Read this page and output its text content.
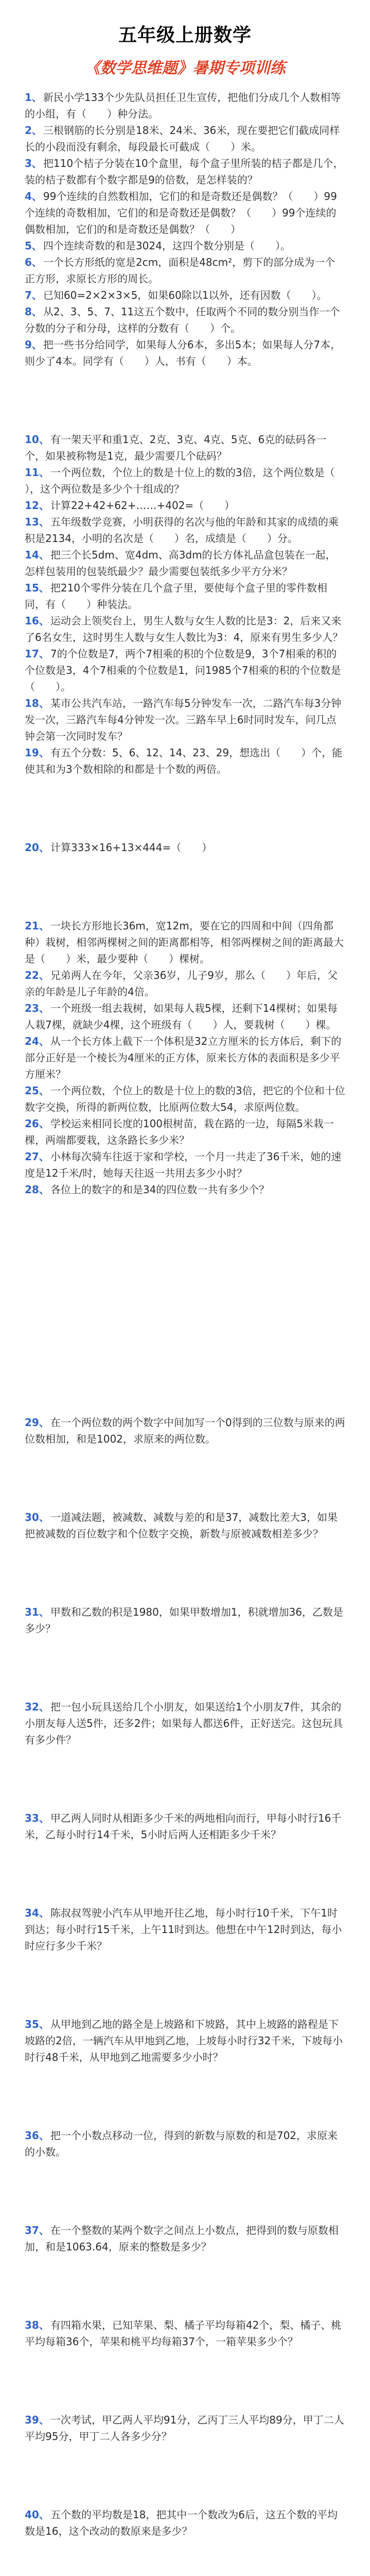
五年级上册数学
《数学思维题》暑期专项训练
1、 新民小学133个少先队员担任卫生宣传，把他们分成几个人数相等的小组，有（　　）种分法。
2、 三根钢筋的长分别是18米、24米、36米，现在要把它们截成同样长的小段而没有剩余，每段最长可截成（　　）米。
3、 把110个桔子分装在10个盒里，每个盒子里所装的桔子都是几个，装的桔子数都有个数字都是9的倍数，是怎样装的？
4、 99个连续的自然数相加，它们的和是奇数还是偶数？（　　）99个连续的奇数相加，它们的和是奇数还是偶数？（　　）99个连续的偶数相加，它们的和是奇数还是偶数？（　　）
5、 四个连续奇数的和是3024，这四个数分别是（　　）。
6、 一个长方形纸的宽是2cm，面积是48cm²，剪下的部分成为一个正方形，求原长方形的周长。
7、 已知60=2×2×3×5，如果60除以1以外，还有因数（　　）。
8、 从2、3、5、7、11这五个数中，任取两个不同的数分别当作一个分数的分子和分母，这样的分数有（　　）个。
9、 把一些书分给同学，如果每人分6本，多出5本；如果每人分7本，则少了4本。同学有（　　）人，书有（　　）本。
10、 有一架天平和重1克、2克、3克、4克、5克、6克的砝码各一个，如果被称物是1克，最少需要几个砝码？
11、 一个两位数，个位上的数是十位上的数的3倍，这个两位数是（　　），这个两位数是多少个十组成的？
12、 计算22+42+62+……+402=（　　）
13、 五年级数学竞赛，小明获得的名次与他的年龄和其家的成绩的乘积是2134，小明的名次是（　　）名，成绩是（　　）分。
14、 把三个长5dm、宽4dm、高3dm的长方体礼品盒包装在一起，怎样包装用的包装纸最少？最少需要包装纸多少平方分米？
15、 把210个零件分装在几个盒子里，要使每个盒子里的零件数相同，有（　　）种装法。
16、 运动会上领奖台上，男生人数与女生人数的比是3：2，后来又来了6名女生，这时男生人数与女生人数比为3：4，原来有男生多少人？
17、 7的个位数是7，两个7相乘的积的个位数是9，3个7相乘的积的个位数是3，4个7相乘的个位数是1，问1985个7相乘的积的个位数是（　　）。
18、 某市公共汽车站，一路汽车每5分钟发车一次，二路汽车每3分钟发一次，三路汽车每4分钟发一次。三路车早上6时同时发车，问几点钟会第一次同时发车？
19、 有五个分数：5、6、12、14、23、29，想选出（　　）个，能使其和为3个数相除的和都是十个数的两倍。
20、 计算333×16+13×444=（　　）
21、 一块长方形地长36m，宽12m，要在它的四周和中间（四角都种）栽树，相邻两棵树之间的距离都相等，相邻两棵树之间的距离最大是（　　）米，最少要种（　　）棵树。
22、 兄弟两人在今年，父亲36岁，儿子9岁，那么（　　）年后，父亲的年龄是儿子年龄的4倍。
23、 一个班级一组去栽树，如果每人栽5棵，还剩下14棵树；如果每人栽7棵，就缺少4棵，这个班级有（　　）人，要栽树（　　）棵。
24、 从一个长方体上截下一个体积是32立方厘米的长方体后，剩下的部分正好是一个棱长为4厘米的正方体，原来长方体的表面积是多少平方厘米？
25、 一个两位数，个位上的数是十位上的数的3倍，把它的个位和十位数字交换，所得的新两位数，比原两位数大54，求原两位数。
26、 学校运来相同长度的100根树苗，栽在路的一边，每隔5米栽一棵，两端都要栽，这条路长多少米？
27、 小林每次骑车往返于家和学校，一个月一共走了36千米，她的速度是12千米/时，她每天往返一共用去多少小时？
28、 各位上的数字的和是34的四位数一共有多少个？
29、 在一个两位数的两个数字中间加写一个0得到的三位数与原来的两位数相加，和是1002，求原来的两位数。
30、 一道减法题，被减数、减数与差的和是37，减数比差大3，如果把被减数的百位数字和个位数字交换，新数与原被减数相差多少？
31、 甲数和乙数的积是1980，如果甲数增加1，积就增加36，乙数是多少？
32、 把一包小玩具送给几个小朋友，如果送给1个小朋友7件，其余的小朋友每人送5件，还多2件；如果每人都送6件，正好送完。这包玩具有多少件？
33、 甲乙两人同时从相距多少千米的两地相向而行，甲每小时行16千米，乙每小时行14千米，5小时后两人还相距多少千米？
34、 陈叔叔驾驶小汽车从甲地开往乙地，每小时行10千米，下午1时到达；每小时行15千米，上午11时到达。他想在中午12时到达，每小时应行多少千米？
35、 从甲地到乙地的路全是上坡路和下坡路，其中上坡路的路程是下坡路的2倍，一辆汽车从甲地到乙地，上坡每小时行32千米，下坡每小时行48千米，从甲地到乙地需要多少小时？
36、 把一个小数点移动一位，得到的新数与原数的和是702，求原来的小数。
37、 在一个整数的某两个数字之间点上小数点，把得到的数与原数相加，和是1063.64，原来的整数是多少？
38、 有四箱水果，已知苹果、梨、橘子平均每箱42个，梨、橘子、桃平均每箱36个，苹果和桃平均每箱37个，一箱苹果多少个？
39、 一次考试，甲乙两人平均91分，乙丙丁三人平均89分，甲丁二人平均95分，甲丁二人各多少分？
40、 五个数的平均数是18，把其中一个数改为6后，这五个数的平均数是16，这个改动的数原来是多少？
